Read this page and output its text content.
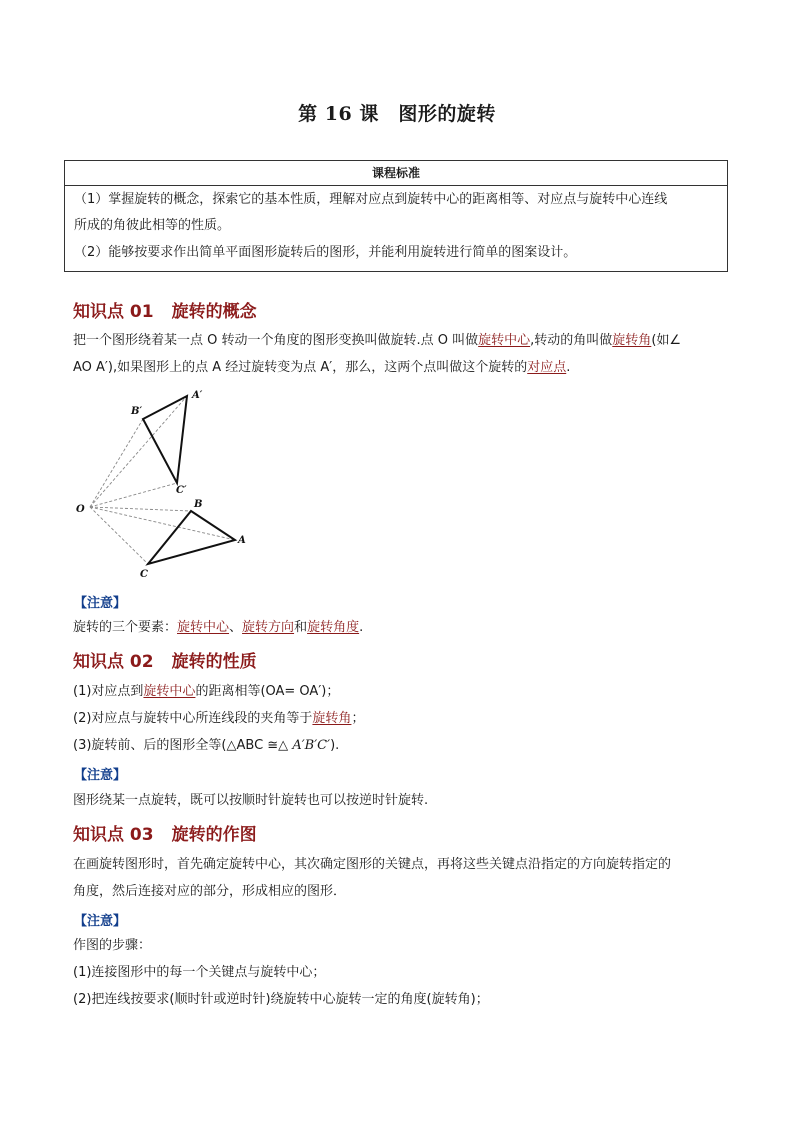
第 16 课　图形的旋转
课程标准
（1）掌握旋转的概念，探索它的基本性质，理解对应点到旋转中心的距离相等、对应点与旋转中心连线
所成的角彼此相等的性质。
（2）能够按要求作出简单平面图形旋转后的图形，并能利用旋转进行简单的图案设计。
知识点 01 旋转的概念
把一个图形绕着某一点 O 转动一个角度的图形变换叫做旋转.点 O 叫做旋转中心,转动的角叫做旋转角(如∠
AO A′),如果图形上的点 A 经过旋转变为点 A′，那么，这两个点叫做这个旋转的对应点.
O
A′
B′
C′
B
A
C
【注意】
旋转的三个要素：旋转中心、旋转方向和旋转角度.
知识点 02 旋转的性质
(1)对应点到旋转中心的距离相等(OA= OA′)；
(2)对应点与旋转中心所连线段的夹角等于旋转角；
(3)旋转前、后的图形全等(△ABC ≅△ A′B′C′).
【注意】
图形绕某一点旋转，既可以按顺时针旋转也可以按逆时针旋转.
知识点 03 旋转的作图
在画旋转图形时，首先确定旋转中心，其次确定图形的关键点，再将这些关键点沿指定的方向旋转指定的
角度，然后连接对应的部分，形成相应的图形．
【注意】
作图的步骤：
(1)连接图形中的每一个关键点与旋转中心；
(2)把连线按要求(顺时针或逆时针)绕旋转中心旋转一定的角度(旋转角)；
